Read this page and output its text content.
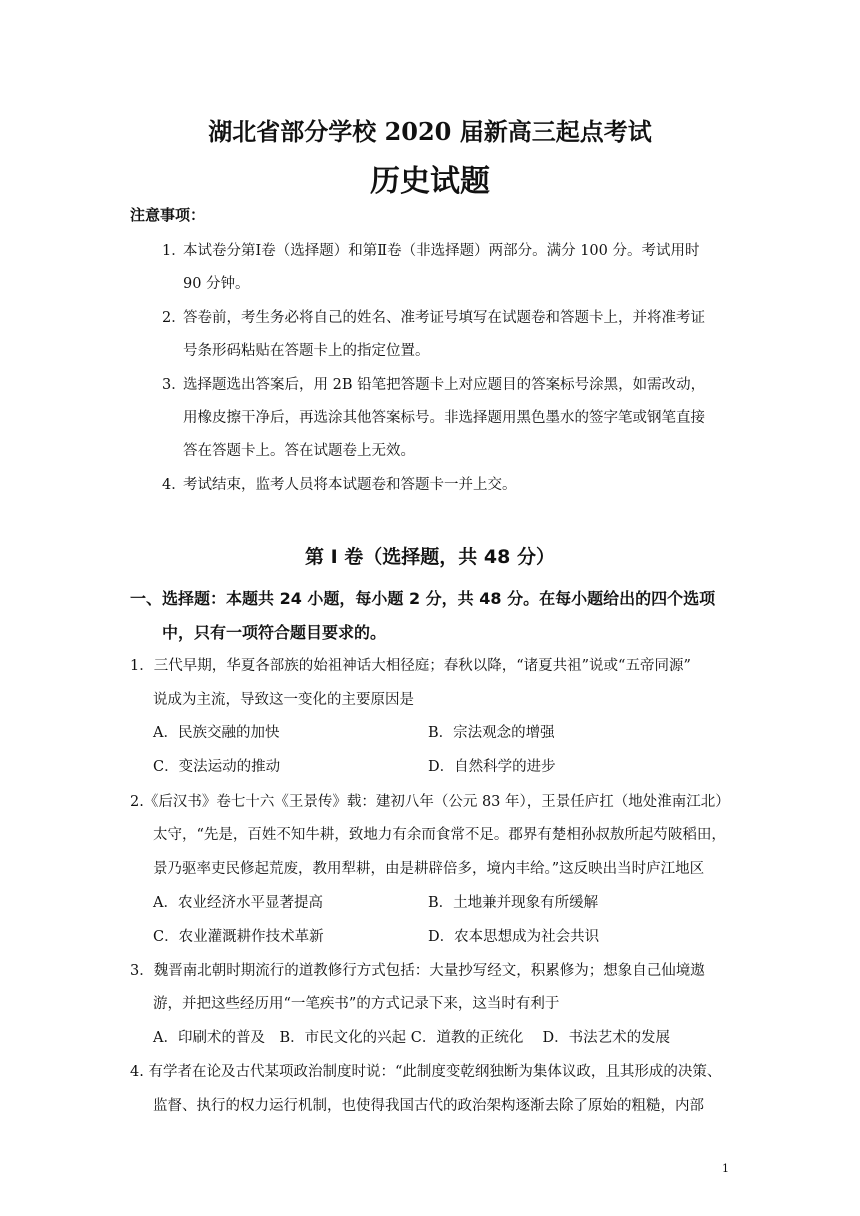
湖北省部分学校 2020 届新高三起点考试
历史试题
注意事项：
1．
本试卷分第Ⅰ卷（选择题）和第Ⅱ卷（非选择题）两部分。满分 100 分。考试用时
90 分钟。
2．
答卷前，考生务必将自己的姓名、准考证号填写在试题卷和答题卡上，并将准考证
号条形码粘贴在答题卡上的指定位置。
3．
选择题选出答案后，用 2B 铅笔把答题卡上对应题目的答案标号涂黑，如需改动，
用橡皮擦干净后，再选涂其他答案标号。非选择题用黑色墨水的签字笔或钢笔直接
答在答题卡上。答在试题卷上无效。
4．
考试结束，监考人员将本试题卷和答题卡一并上交。
第 I 卷（选择题，共 48 分）
一、选择题：本题共 24 小题，每小题 2 分，共 48 分。在每小题给出的四个选项
中，只有一项符合题目要求的。
1．三代早期，华夏各部族的始祖神话大相径庭；春秋以降，“诸夏共祖”说或“五帝同源”
说成为主流，导致这一变化的主要原因是
A．民族交融的加快	B．宗法观念的增强
C．变法运动的推动	D．自然科学的进步
2.《后汉书》卷七十六《王景传》载：建初八年（公元 83 年），王景任庐扛（地处淮南江北）
太守，“先是，百姓不知牛耕，致地力有余而食常不足。郡界有楚相孙叔敖所起芍陂稻田，
景乃驱率吏民修起荒废，教用犁耕，由是耕辟倍多，境内丰给。”这反映出当时庐江地区
A．农业经济水平显著提高	B．土地兼并现象有所缓解
C．农业灌溉耕作技术革新	D．农本思想成为社会共识
3．魏晋南北朝时期流行的道教修行方式包括：大量抄写经文，积累修为；想象自己仙境遨
游，并把这些经历用“一笔疾书”的方式记录下来，这当时有利于
A．印刷术的普及　B．市民文化的兴起 C．道教的正统化　 D．书法艺术的发展
4. 有学者在论及古代某项政治制度时说：“此制度变乾纲独断为集体议政，且其形成的决策、
监督、执行的权力运行机制，也使得我国古代的政治架构逐渐去除了原始的粗糙，内部
1
